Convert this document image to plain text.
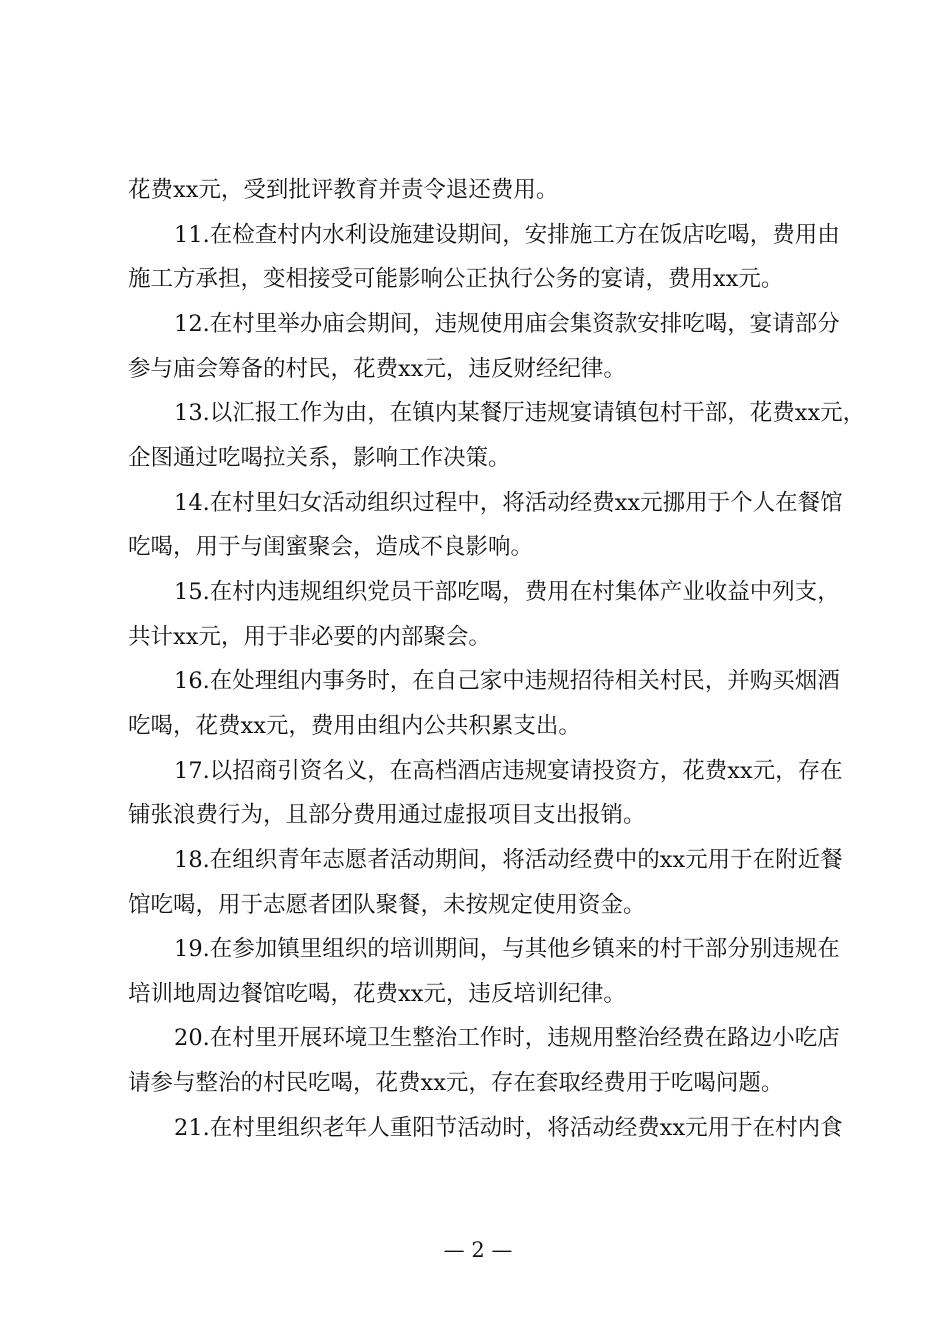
花费xx元，受到批评教育并责令退还费用。
11.在检查村内水利设施建设期间，安排施工方在饭店吃喝，费用由
施工方承担，变相接受可能影响公正执行公务的宴请，费用xx元。
12.在村里举办庙会期间，违规使用庙会集资款安排吃喝，宴请部分
参与庙会筹备的村民，花费xx元，违反财经纪律。
13.以汇报工作为由，在镇内某餐厅违规宴请镇包村干部，花费xx元，
企图通过吃喝拉关系，影响工作决策。
14.在村里妇女活动组织过程中，将活动经费xx元挪用于个人在餐馆
吃喝，用于与闺蜜聚会，造成不良影响。
15.在村内违规组织党员干部吃喝，费用在村集体产业收益中列支，
共计xx元，用于非必要的内部聚会。
16.在处理组内事务时，在自己家中违规招待相关村民，并购买烟酒
吃喝，花费xx元，费用由组内公共积累支出。
17.以招商引资名义，在高档酒店违规宴请投资方，花费xx元，存在
铺张浪费行为，且部分费用通过虚报项目支出报销。
18.在组织青年志愿者活动期间，将活动经费中的xx元用于在附近餐
馆吃喝，用于志愿者团队聚餐，未按规定使用资金。
19.在参加镇里组织的培训期间，与其他乡镇来的村干部分别违规在
培训地周边餐馆吃喝，花费xx元，违反培训纪律。
20.在村里开展环境卫生整治工作时，违规用整治经费在路边小吃店
请参与整治的村民吃喝，花费xx元，存在套取经费用于吃喝问题。
21.在村里组织老年人重阳节活动时，将活动经费xx元用于在村内食
— 2 —
